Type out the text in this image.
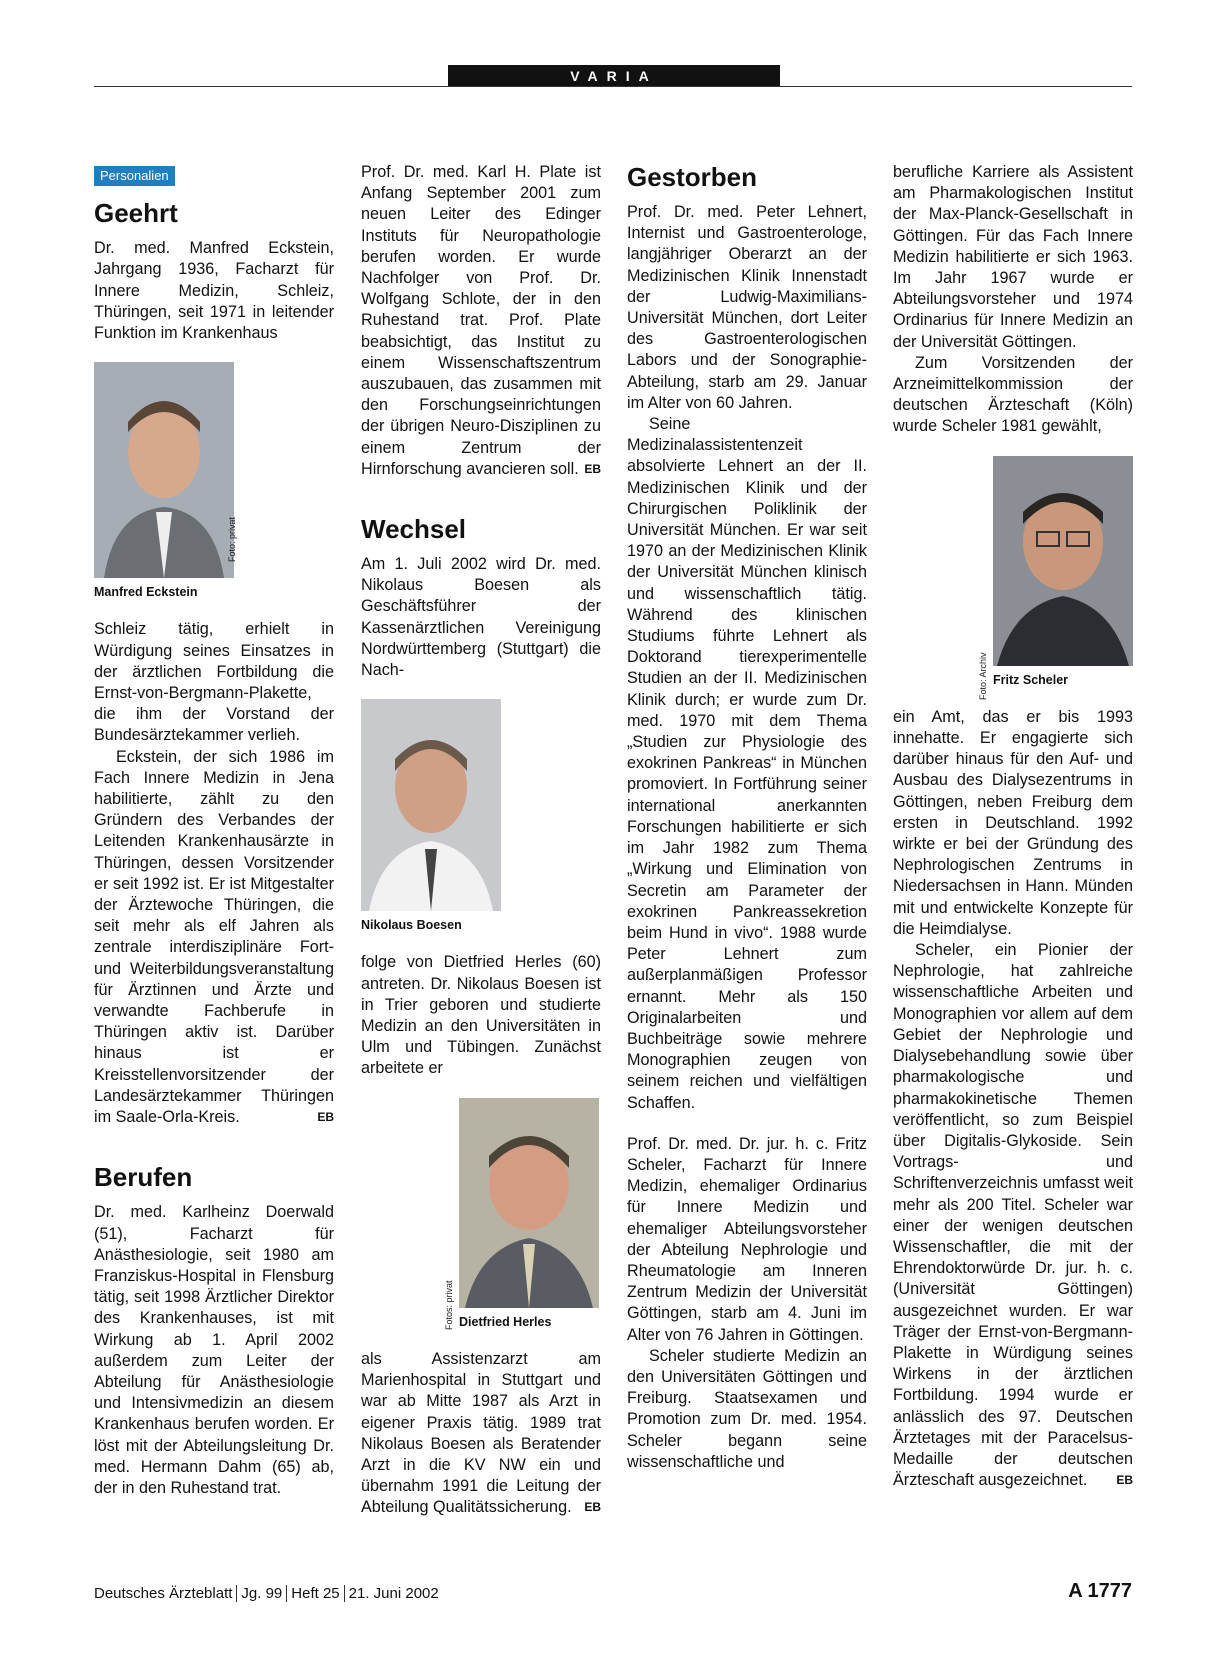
VARIA
Personalien
Geehrt

Dr. med. Manfred Eckstein, Jahrgang 1936, Facharzt für Innere Medizin, Schleiz, Thüringen, seit 1971 in leitender Funktion im Krankenhaus

Foto: privat
Manfred Eckstein

Schleiz tätig, erhielt in Würdigung seines Einsatzes in der ärztlichen Fortbildung die Ernst-von-Bergmann-Plakette, die ihm der Vorstand der Bundesärztekammer verlieh.

Eckstein, der sich 1986 im Fach Innere Medizin in Jena habilitierte, zählt zu den Gründern des Verbandes der Leitenden Krankenhausärzte in Thüringen, dessen Vorsitzender er seit 1992 ist. Er ist Mitgestalter der Ärztewoche Thüringen, die seit mehr als elf Jahren als zentrale interdisziplinäre Fort- und Weiterbildungsveranstaltung für Ärztinnen und Ärzte und verwandte Fachberufe in Thüringen aktiv ist. Darüber hinaus ist er Kreisstellenvorsitzender der Landesärztekammer Thüringen im Saale-Orla-Kreis.	EB

Berufen

Dr. med. Karlheinz Doerwald (51), Facharzt für Anästhesiologie, seit 1980 am Franziskus-Hospital in Flensburg tätig, seit 1998 Ärztlicher Direktor des Krankenhauses, ist mit Wirkung ab 1. April 2002 außerdem zum Leiter der Abteilung für Anästhesiologie und Intensivmedizin an diesem Krankenhaus berufen worden. Er löst mit der Abteilungsleitung Dr. med. Hermann Dahm (65) ab, der in den Ruhestand trat.

Prof. Dr. med. Karl H. Plate ist Anfang September 2001 zum neuen Leiter des Edinger Instituts für Neuropathologie berufen worden. Er wurde Nachfolger von Prof. Dr. Wolfgang Schlote, der in den Ruhestand trat. Prof. Plate beabsichtigt, das Institut zu einem Wissenschaftszentrum auszubauen, das zusammen mit den Forschungseinrichtungen der übrigen Neuro-Disziplinen zu einem Zentrum der Hirnforschung avancieren soll. EB

Wechsel

Am 1. Juli 2002 wird Dr. med. Nikolaus Boesen als Geschäftsführer der Kassenärztlichen Vereinigung Nordwürttemberg (Stuttgart) die Nach-

Nikolaus Boesen

folge von Dietfried Herles (60) antreten. Dr. Nikolaus Boesen ist in Trier geboren und studierte Medizin an den Universitäten in Ulm und Tübingen. Zunächst arbeitete er

Dietfried Herles

als Assistenzarzt am Marienhospital in Stuttgart und war ab Mitte 1987 als Arzt in eigener Praxis tätig. 1989 trat Nikolaus Boesen als Beratender Arzt in die KV NW ein und übernahm 1991 die Leitung der Abteilung Qualitätssicherung. EB

Fotos: privat
Gestorben

Prof. Dr. med. Peter Lehnert, Internist und Gastroenterologe, langjähriger Oberarzt an der Medizinischen Klinik Innenstadt der Ludwig-Maximilians-Universität München, dort Leiter des Gastroenterologischen Labors und der Sonographie-Abteilung, starb am 29. Januar im Alter von 60 Jahren.

Seine Medizinalassistentenzeit absolvierte Lehnert an der II. Medizinischen Klinik und der Chirurgischen Poliklinik der Universität München. Er war seit 1970 an der Medizinischen Klinik der Universität München klinisch und wissenschaftlich tätig. Während des klinischen Studiums führte Lehnert als Doktorand tierexperimentelle Studien an der II. Medizinischen Klinik durch; er wurde zum Dr. med. 1970 mit dem Thema „Studien zur Physiologie des exokrinen Pankreas“ in München promoviert. In Fortführung seiner international anerkannten Forschungen habilitierte er sich im Jahr 1982 zum Thema „Wirkung und Elimination von Secretin am Parameter der exokrinen Pankreassekretion beim Hund in vivo“. 1988 wurde Peter Lehnert zum außerplanmäßigen Professor ernannt. Mehr als 150 Originalarbeiten und Buchbeiträge sowie mehrere Monographien zeugen von seinem reichen und vielfältigen Schaffen.

Prof. Dr. med. Dr. jur. h. c. Fritz Scheler, Facharzt für Innere Medizin, ehemaliger Ordinarius für Innere Medizin und ehemaliger Abteilungsvorsteher der Abteilung Nephrologie und Rheumatologie am Inneren Zentrum Medizin der Universität Göttingen, starb am 4. Juni im Alter von 76 Jahren in Göttingen.

Scheler studierte Medizin an den Universitäten Göttingen und Freiburg. Staatsexamen und Promotion zum Dr. med. 1954. Scheler begann seine wissenschaftliche und

berufliche Karriere als Assistent am Pharmakologischen Institut der Max-Planck-Gesellschaft in Göttingen. Für das Fach Innere Medizin habilitierte er sich 1963. Im Jahr 1967 wurde er Abteilungsvorsteher und 1974 Ordinarius für Innere Medizin an der Universität Göttingen.

Zum Vorsitzenden der Arzneimittelkommission der deutschen Ärzteschaft (Köln) wurde Scheler 1981 gewählt,

Fritz Scheler

ein Amt, das er bis 1993 innehatte. Er engagierte sich darüber hinaus für den Auf- und Ausbau des Dialysezentrums in Göttingen, neben Freiburg dem ersten in Deutschland. 1992 wirkte er bei der Gründung des Nephrologischen Zentrums in Niedersachsen in Hann. Münden mit und entwickelte Konzepte für die Heimdialyse.

Scheler, ein Pionier der Nephrologie, hat zahlreiche wissenschaftliche Arbeiten und Monographien vor allem auf dem Gebiet der Nephrologie und Dialysebehandlung sowie über pharmakologische und pharmakokinetische Themen veröffentlicht, so zum Beispiel über Digitalis-Glykoside. Sein Vortrags- und Schriftenverzeichnis umfasst weit mehr als 200 Titel. Scheler war einer der wenigen deutschen Wissenschaftler, die mit der Ehrendoktorwürde Dr. jur. h. c. (Universität Göttingen) ausgezeichnet wurden. Er war Träger der Ernst-von-Bergmann-Plakette in Würdigung seines Wirkens in der ärztlichen Fortbildung. 1994 wurde er anlässlich des 97. Deutschen Ärztetages mit der Paracelsus-Medaille der deutschen Ärzteschaft ausgezeichnet.	EB

Foto: Archiv
Deutsches Ärzteblatt Jg. 99 Heft 25 21. Juni 2002	A 1777
